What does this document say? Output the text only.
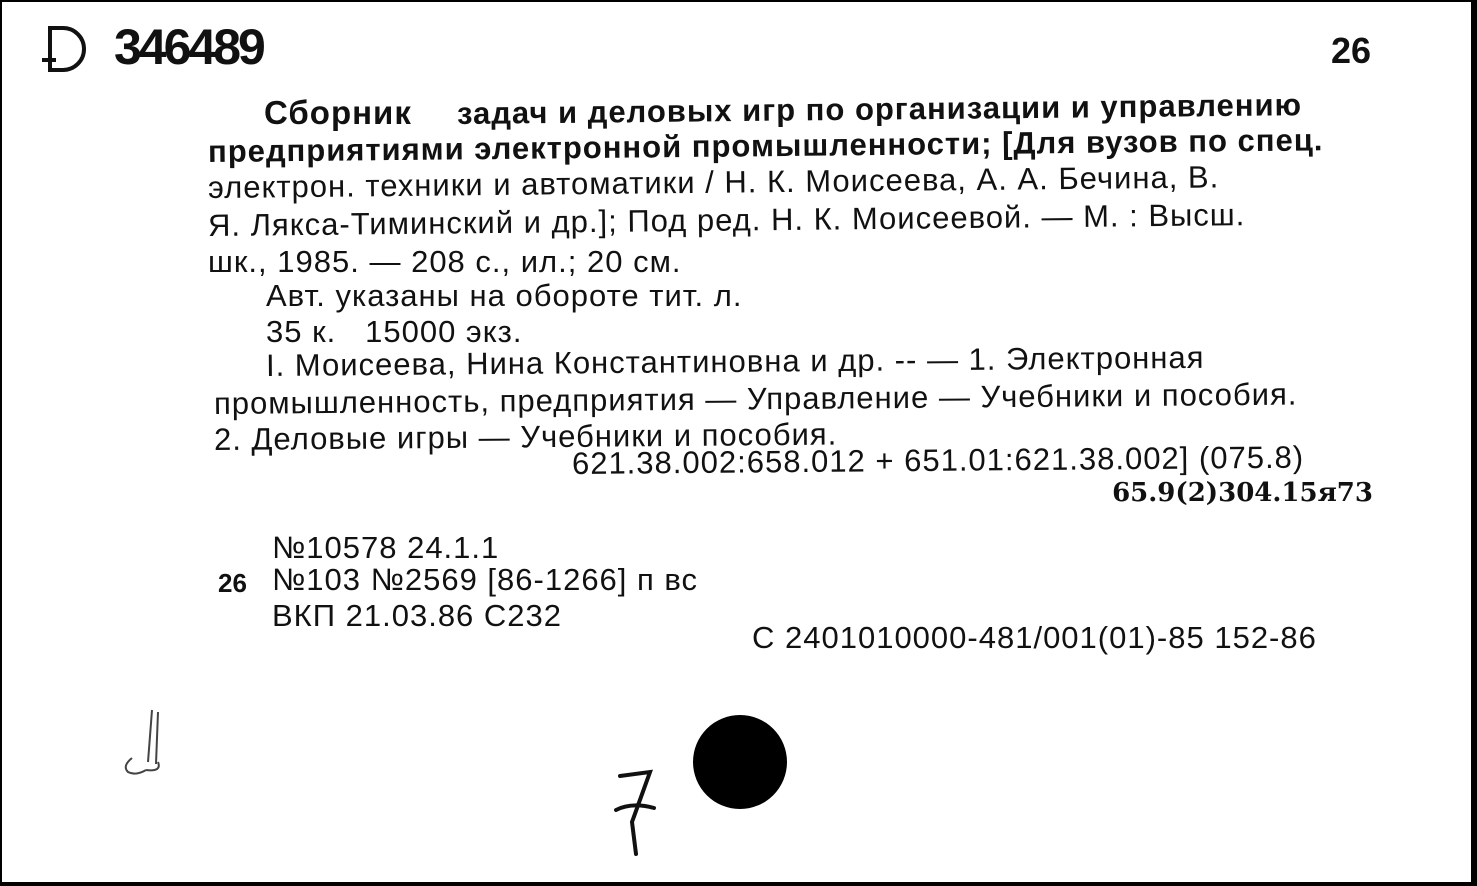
346489	26
Сборник задач и деловых игр по организации и управлению
предприятиями электронной промышленности; [Для вузов по спец.
электрон. техники и автоматики / Н. К. Моисеева, А. А. Бечина, В.
Я. Лякса-Тиминский и др.]; Под ред. Н. К. Моисеевой. — М. : Высш.
шк., 1985. — 208 с., ил.; 20 см.
Авт. указаны на обороте тит. л.
35 к.   15000 экз.
I. Моисеева, Нина Константиновна и др. -- — 1. Электронная
промышленность, предприятия — Управление — Учебники и пособия.
2. Деловые игры — Учебники и пособия.
621.38.002:658.012 + 651.01:621.38.002] (075.8)
65.9(2)304.15я73
№10578 24.1.1
26 №103 №2569 [86-1266] п вс
ВКП 21.03.86 С232
С 2401010000-481/001(01)-85 152-86
